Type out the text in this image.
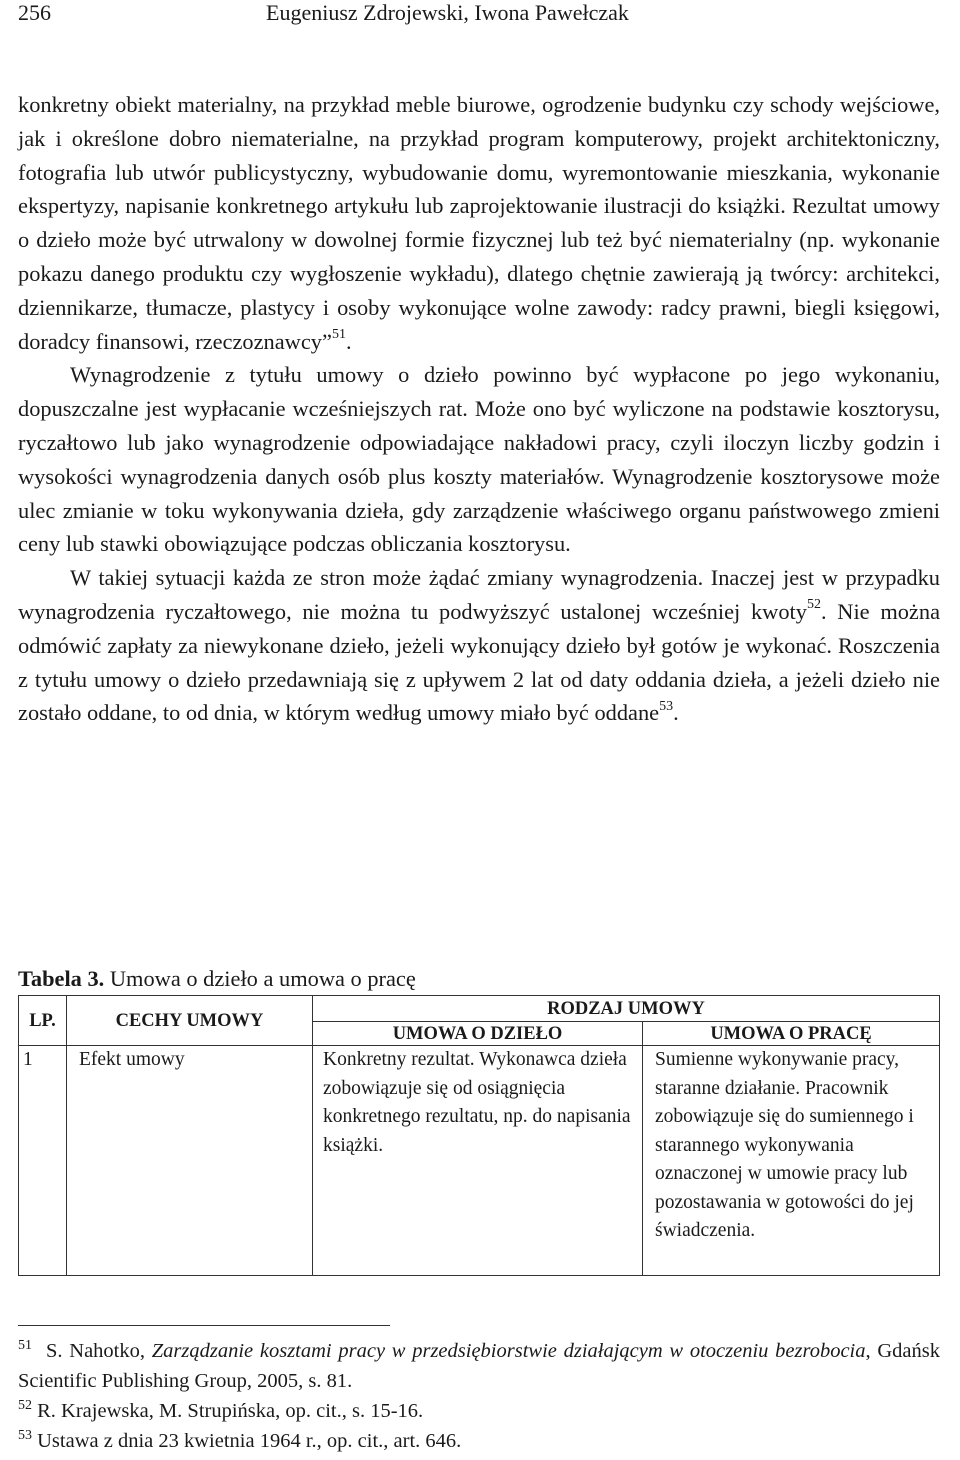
256	Eugeniusz Zdrojewski, Iwona Pawełczak

konkretny obiekt materialny, na przykład meble biurowe, ogrodzenie budynku czy schody wejściowe, jak i określone dobro niematerialne, na przykład program komputerowy, projekt architektoniczny, fotografia lub utwór publicystyczny, wybudowanie domu, wyremontowanie mieszkania, wykonanie ekspertyzy, napisanie konkretnego artykułu lub zaprojektowanie ilustracji do książki. Rezultat umowy o dzieło może być utrwalony w dowolnej formie fizycznej lub też być niematerialny (np. wykonanie pokazu danego produktu czy wygłoszenie wykładu), dlatego chętnie zawierają ją twórcy: architekci, dziennikarze, tłumacze, plastycy i osoby wykonujące wolne zawody: radcy prawni, biegli księgowi, doradcy finansowi, rzeczoznawcy”$^{51}$.

Wynagrodzenie z tytułu umowy o dzieło powinno być wypłacone po jego wykonaniu, dopuszczalne jest wypłacanie wcześniejszych rat. Może ono być wyliczone na podstawie kosztorysu, ryczałtowo lub jako wynagrodzenie odpowiadające nakładowi pracy, czyli iloczyn liczby godzin i wysokości wynagrodzenia danych osób plus koszty materiałów. Wynagrodzenie kosztorysowe może ulec zmianie w toku wykonywania dzieła, gdy zarządzenie właściwego organu państwowego zmieni ceny lub stawki obowiązujące podczas obliczania kosztorysu.

W takiej sytuacji każda ze stron może żądać zmiany wynagrodzenia. Inaczej jest w przypadku wynagrodzenia ryczałtowego, nie można tu podwyższyć ustalonej wcześniej kwoty$^{52}$. Nie można odmówić zapłaty za niewykonane dzieło, jeżeli wykonujący dzieło był gotów je wykonać. Roszczenia z tytułu umowy o dzieło przedawniają się z upływem 2 lat od daty oddania dzieła, a jeżeli dzieło nie zostało oddane, to od dnia, w którym według umowy miało być oddane$^{53}$.

Tabela 3. Umowa o dzieło a umowa o pracę
LP.	CECHY UMOWY	RODZAJ UMOWY	
		UMOWA O DZIEŁO	UMOWA O PRACĘ

1	Efekt umowy	Konkretny rezultat. Wykonawca dzieła zobowiązuje się od osiągnięcia konkretnego rezultatu, np. do napisania książki.	Sumienne wykonywanie pracy, staranne działanie. Pracownik zobowiązuje się do sumiennego i starannego wykonywania oznaczonej w umowie pracy lub pozostawania w gotowości do jej świadczenia.

$^{51}$ S. Nahotko, Zarządzanie kosztami pracy w przedsiębiorstwie działającym w otoczeniu bezrobocia, Gdańsk Scientific Publishing Group, 2005, s. 81.

$^{52}$ R. Krajewska, M. Strupińska, op. cit., s. 15-16.

$^{53}$ Ustawa z dnia 23 kwietnia 1964 r., op. cit., art. 646.
